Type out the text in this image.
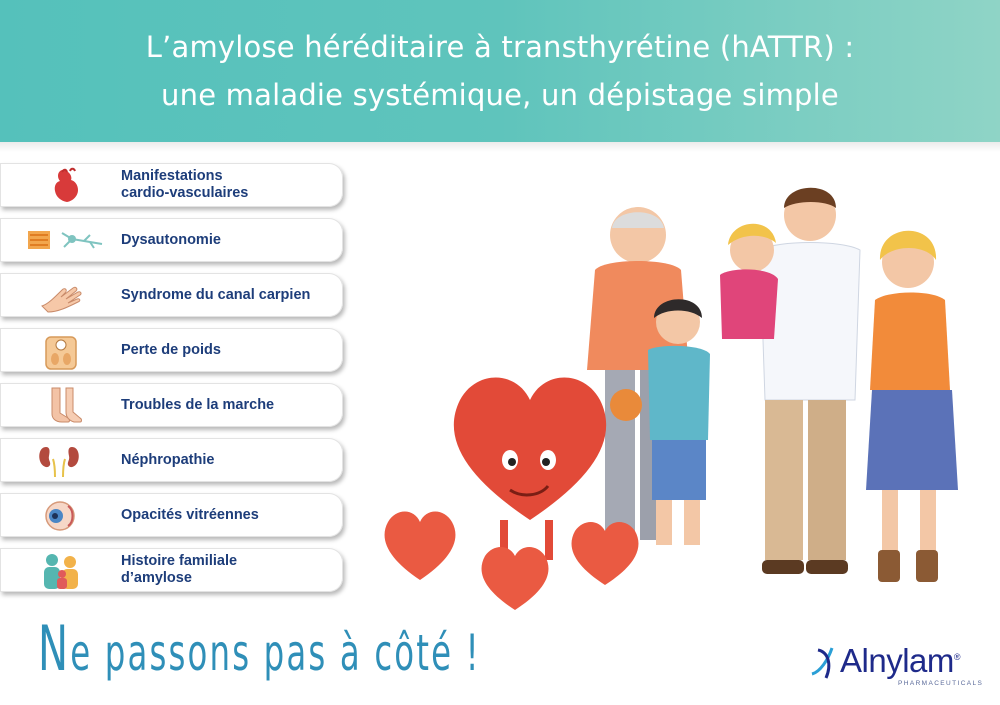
L’amylose héréditaire à transthyrétine (hATTR) :
une maladie systémique, un dépistage simple
Manifestations
cardio-vasculaires
Dysautonomie
Syndrome du canal carpien
Perte de poids
Troubles de la marche
Néphropathie
Opacités vitréennes
Histoire familiale
d’amylose
Ne passons pas à côté !	Alnylam®
PHARMACEUTICALS
